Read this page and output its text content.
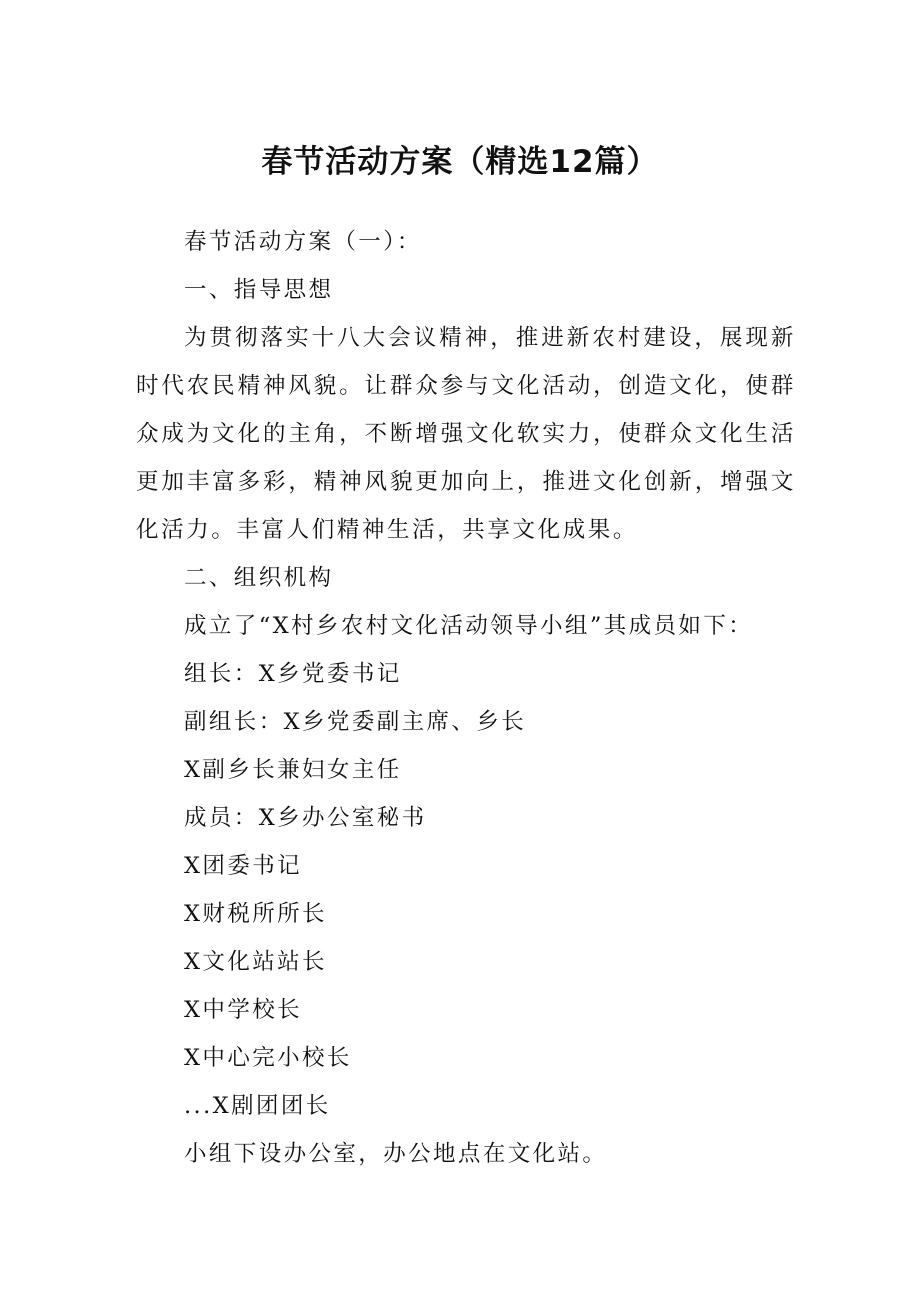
春节活动方案（精选12篇）

春节活动方案（一）：

一、指导思想

为贯彻落实十八大会议精神，推进新农村建设，展现新时代农民精神风貌。让群众参与文化活动，创造文化，使群众成为文化的主角，不断增强文化软实力，使群众文化生活更加丰富多彩，精神风貌更加向上，推进文化创新，增强文化活力。丰富人们精神生活，共享文化成果。

二、组织机构

成立了“X村乡农村文化活动领导小组”其成员如下：

组长：X乡党委书记

副组长：X乡党委副主席、乡长

X副乡长兼妇女主任

成员：X乡办公室秘书

X团委书记

X财税所所长

X文化站站长

X中学校长

X中心完小校长

...X剧团团长

小组下设办公室，办公地点在文化站。
